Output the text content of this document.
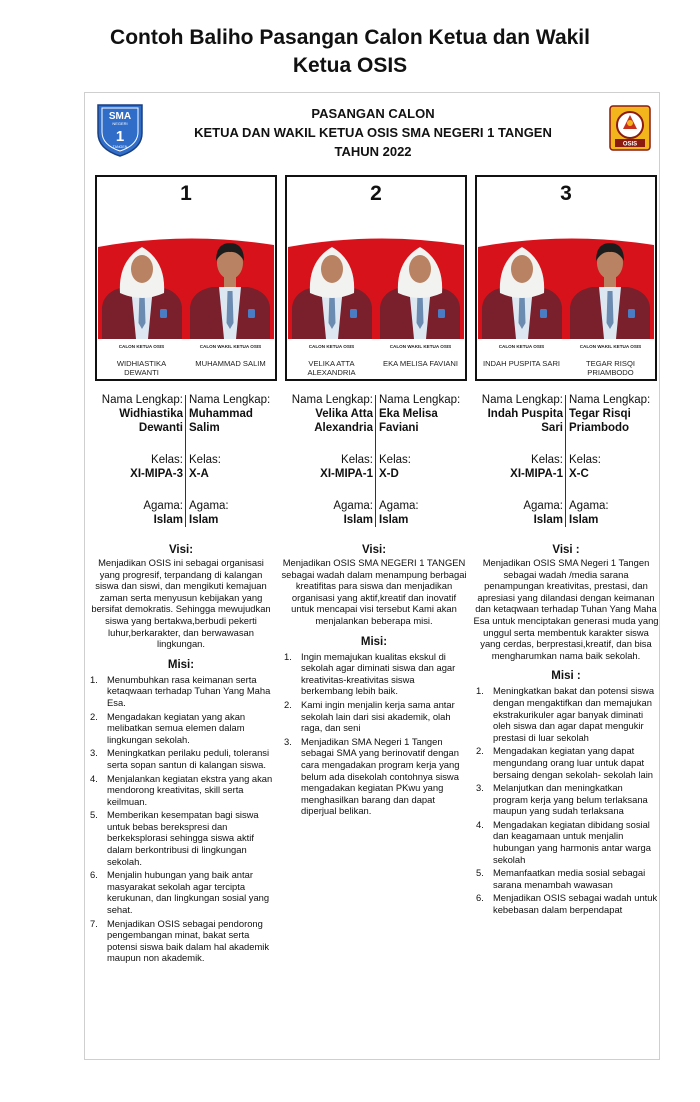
Contoh Baliho Pasangan Calon Ketua dan Wakil
Ketua OSIS
SMA
NEGERI
1
TANGEN	OSIS
PASANGAN CALON
KETUA DAN WAKIL KETUA OSIS SMA NEGERI 1 TANGEN
TAHUN 2022
1
CALON KETUA OSIS	CALON WAKIL KETUA OSIS
WIDHIASTIKA DEWANTI
MUHAMMAD SALIM
2
CALON KETUA OSIS	CALON WAKIL KETUA OSIS
VELIKA ATTA ALEXANDRIA
EKA MELISA FAVIANI
3
CALON KETUA OSIS	CALON WAKIL KETUA OSIS
INDAH PUSPITA SARI	TEGAR RISQI PRIAMBODO
Nama Lengkap:
Widhiastika
Dewanti
Kelas:
XI-MIPA-3
Agama:
Islam
Nama Lengkap:
Muhammad
Salim
Kelas:
X-A
Agama:
Islam
Nama Lengkap:
Velika Atta
Alexandria
Kelas:
XI-MIPA-1
Agama:
Islam
Nama Lengkap:
Eka Melisa
Faviani
Kelas:
X-D
Agama:
Islam
Nama Lengkap:
Indah Puspita
Sari
Kelas:
XI-MIPA-1
Agama:
Islam
Nama Lengkap:
Tegar Risqi
Priambodo
Kelas:
X-C
Agama:
Islam
Visi:
Menjadikan OSIS ini sebagai organisasi yang progresif, terpandang di kalangan siswa dan siswi, dan mengikuti kemajuan zaman serta menyusun kebijakan yang bersifat demokratis. Sehingga mewujudkan siswa yang bertakwa,berbudi pekerti luhur,berkarakter, dan berwawasan lingkungan.
Misi:
1. Menumbuhkan rasa keimanan serta ketaqwaan terhadap Tuhan Yang Maha Esa.
2. Mengadakan kegiatan yang akan melibatkan semua elemen dalam lingkungan sekolah.
3. Meningkatkan perilaku peduli, toleransi serta sopan santun di kalangan siswa.
4. Menjalankan kegiatan ekstra yang akan mendorong kreativitas, skill serta keilmuan.
5. Memberikan kesempatan bagi siswa untuk bebas berekspresi dan berkeksplorasi sehingga siswa aktif dalam berkontribusi di lingkungan sekolah.
6. Menjalin hubungan yang baik antar masyarakat sekolah agar tercipta kerukunan, dan lingkungan sosial yang sehat.
7. Menjadikan OSIS sebagai pendorong pengembangan minat, bakat serta potensi siswa baik dalam hal akademik maupun non akademik.
Visi:
Menjadikan OSIS SMA NEGERI 1 TANGEN sebagai wadah dalam menampung berbagai kreatifitas para siswa dan menjadikan organisasi yang aktif,kreatif dan inovatif untuk mencapai visi tersebut Kami akan menjalankan beberapa misi.
Misi:
1. Ingin memajukan kualitas ekskul di sekolah agar diminati siswa dan agar kreativitas-kreativitas siswa berkembang lebih baik.
2. Kami ingin menjalin kerja sama antar sekolah lain dari sisi akademik, olah raga, dan seni
3. Menjadikan SMA Negeri 1 Tangen sebagai SMA yang berinovatif dengan cara mengadakan program kerja yang belum ada disekolah contohnya siswa mengadakan kegiatan PKwu yang menghasilkan barang dan dapat diperjual belikan.
Visi :
Menjadikan OSIS SMA Negeri 1 Tangen sebagai wadah /media sarana penampungan kreativitas, prestasi, dan apresiasi yang dilandasi dengan keimanan dan ketaqwaan terhadap Tuhan Yang Maha Esa untuk menciptakan generasi muda yang unggul serta membentuk karakter siswa yang cerdas, berprestasi,kreatif, dan bisa mengharumkan nama baik sekolah.
Misi :
1. Meningkatkan bakat dan potensi siswa dengan mengaktifkan dan memajukan ekstrakurikuler agar banyak diminati oleh siswa dan agar dapat mengukir prestasi di luar sekolah
2. Mengadakan kegiatan yang dapat mengundang orang luar untuk dapat bersaing dengan sekolah- sekolah lain
3. Melanjutkan dan meningkatkan program kerja yang belum terlaksana maupun yang sudah terlaksana
4. Mengadakan kegiatan dibidang sosial dan keagamaan untuk menjalin hubungan yang harmonis antar warga sekolah
5. Memanfaatkan media sosial sebagai sarana menambah wawasan
6. Menjadikan OSIS sebagai wadah untuk kebebasan dalam berpendapat
